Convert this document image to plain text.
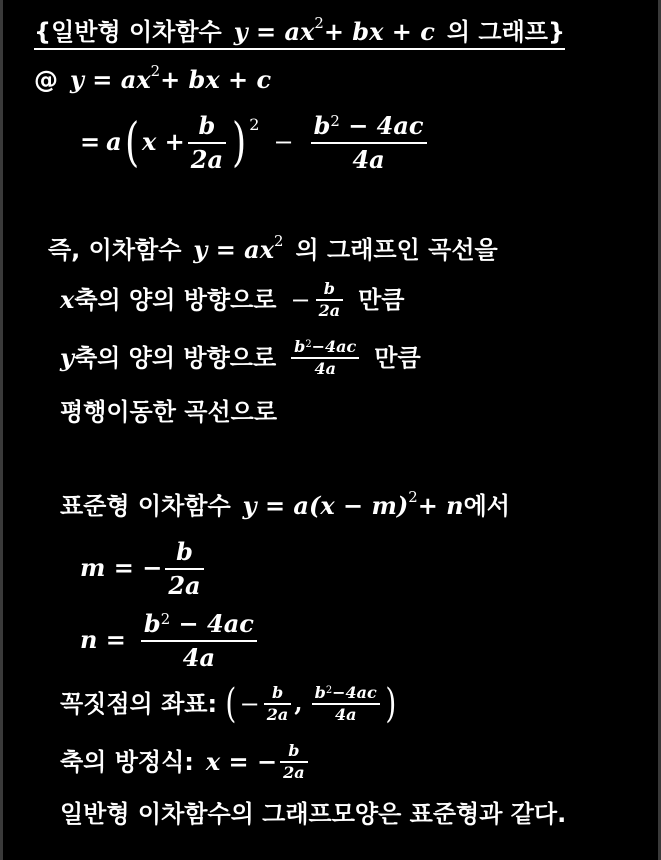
{ 일반형 이차함수 $y = ax^2$ + bx + c 의 그래프 }
@ $y = ax^2$ + bx + c
= a ( $x + \frac{b}{2a} )^2$
− $\frac{b^2 - 4ac}{4a}$
즉, 이차함수 $y = ax^2$ 의 그래프인 곡선을
x 축의 양의 방향으로 − $\frac{b}{2a}$ 만큼
y 축의 양의 방향으로 $\frac{b^2-4ac}{4a}$ 만큼
평행이동한 곡선으로
표준형 이차함수 $y = a(x - m)^2 + n$ 에서
m = − $\frac{b}{2a}$
$n = \frac{b^2 - 4ac}{4a}$
꼭짓점의 좌표: ( − $\frac{b}{2a}$ , $\frac{b^2-4ac}{4a}$ )
축의 방정식: x = − $\frac{b}{2a}$
일반형 이차함수의 그래프모양은 표준형과 같다.
